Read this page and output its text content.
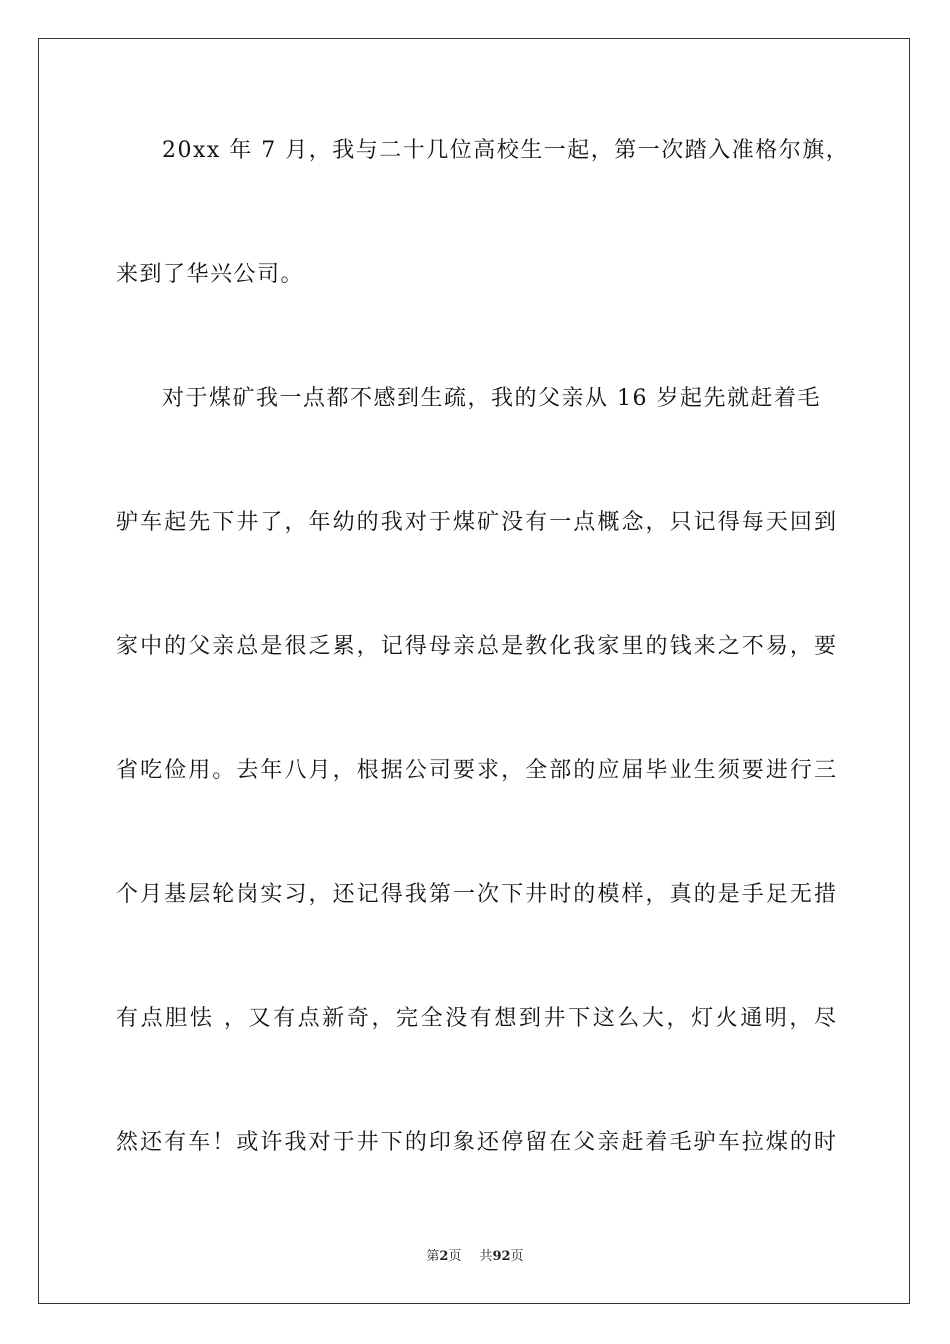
20xx 年 7 月，我与二十几位高校生一起，第一次踏入准格尔旗，
来到了华兴公司。
对于煤矿我一点都不感到生疏，我的父亲从 16 岁起先就赶着毛
驴车起先下井了，年幼的我对于煤矿没有一点概念，只记得每天回到
家中的父亲总是很乏累，记得母亲总是教化我家里的钱来之不易，要
省吃俭用。去年八月，根据公司要求，全部的应届毕业生须要进行三
个月基层轮岗实习，还记得我第一次下井时的模样，真的是手足无措
有点胆怯 ，又有点新奇，完全没有想到井下这么大，灯火通明，尽
然还有车！或许我对于井下的印象还停留在父亲赶着毛驴车拉煤的时
第2页 共92页
